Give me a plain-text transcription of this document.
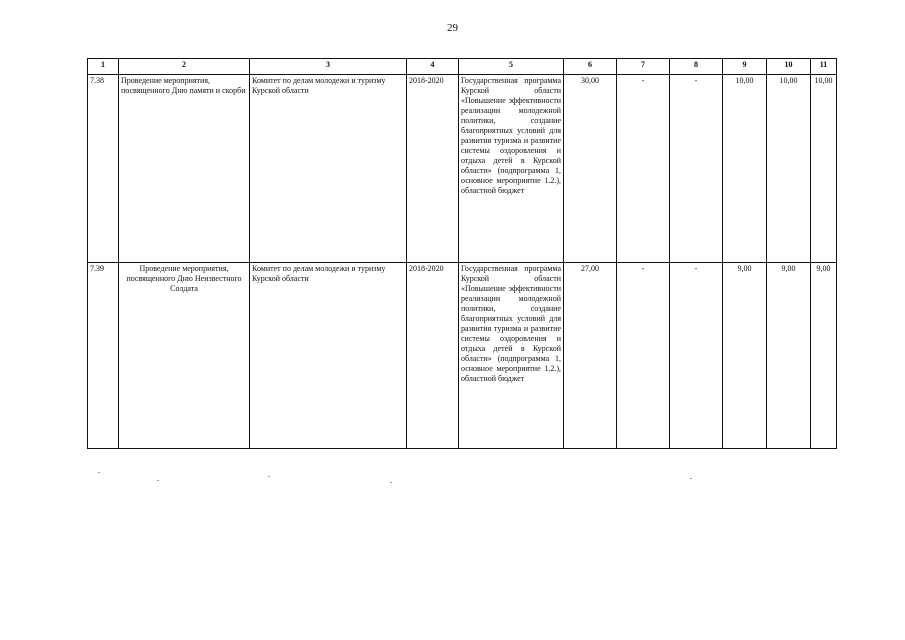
29
1	2	3	4	5	6	7	8	9	10	11
7.38	Проведение мероприятия, посвященного Дню памяти и скорби	Комитет по делам молодежи и туризму Курской области	2018-2020	Государственная программа Курской области «Повышение эффективности реализации молодежной политики, создание благоприятных условий для развития туризма и развитие системы оздоровления и отдыха детей в Курской области» (подпрограмма 1, основное мероприятие 1.2.), областной бюджет	30,00	-	-	10,00	10,00	10,00
7.39	Проведение мероприятия, посвященного Дню Неизвестного Солдата	Комитет по делам молодежи и туризму Курской области	2018-2020	Государственная программа Курской области «Повышение эффективности реализации молодежной политики, создание благоприятных условий для развития туризма и развитие системы оздоровления и отдыха детей в Курской области» (подпрограмма 1, основное мероприятие 1.2.), областной бюджет	27,00	-	-	9,00	9,00	9,00
